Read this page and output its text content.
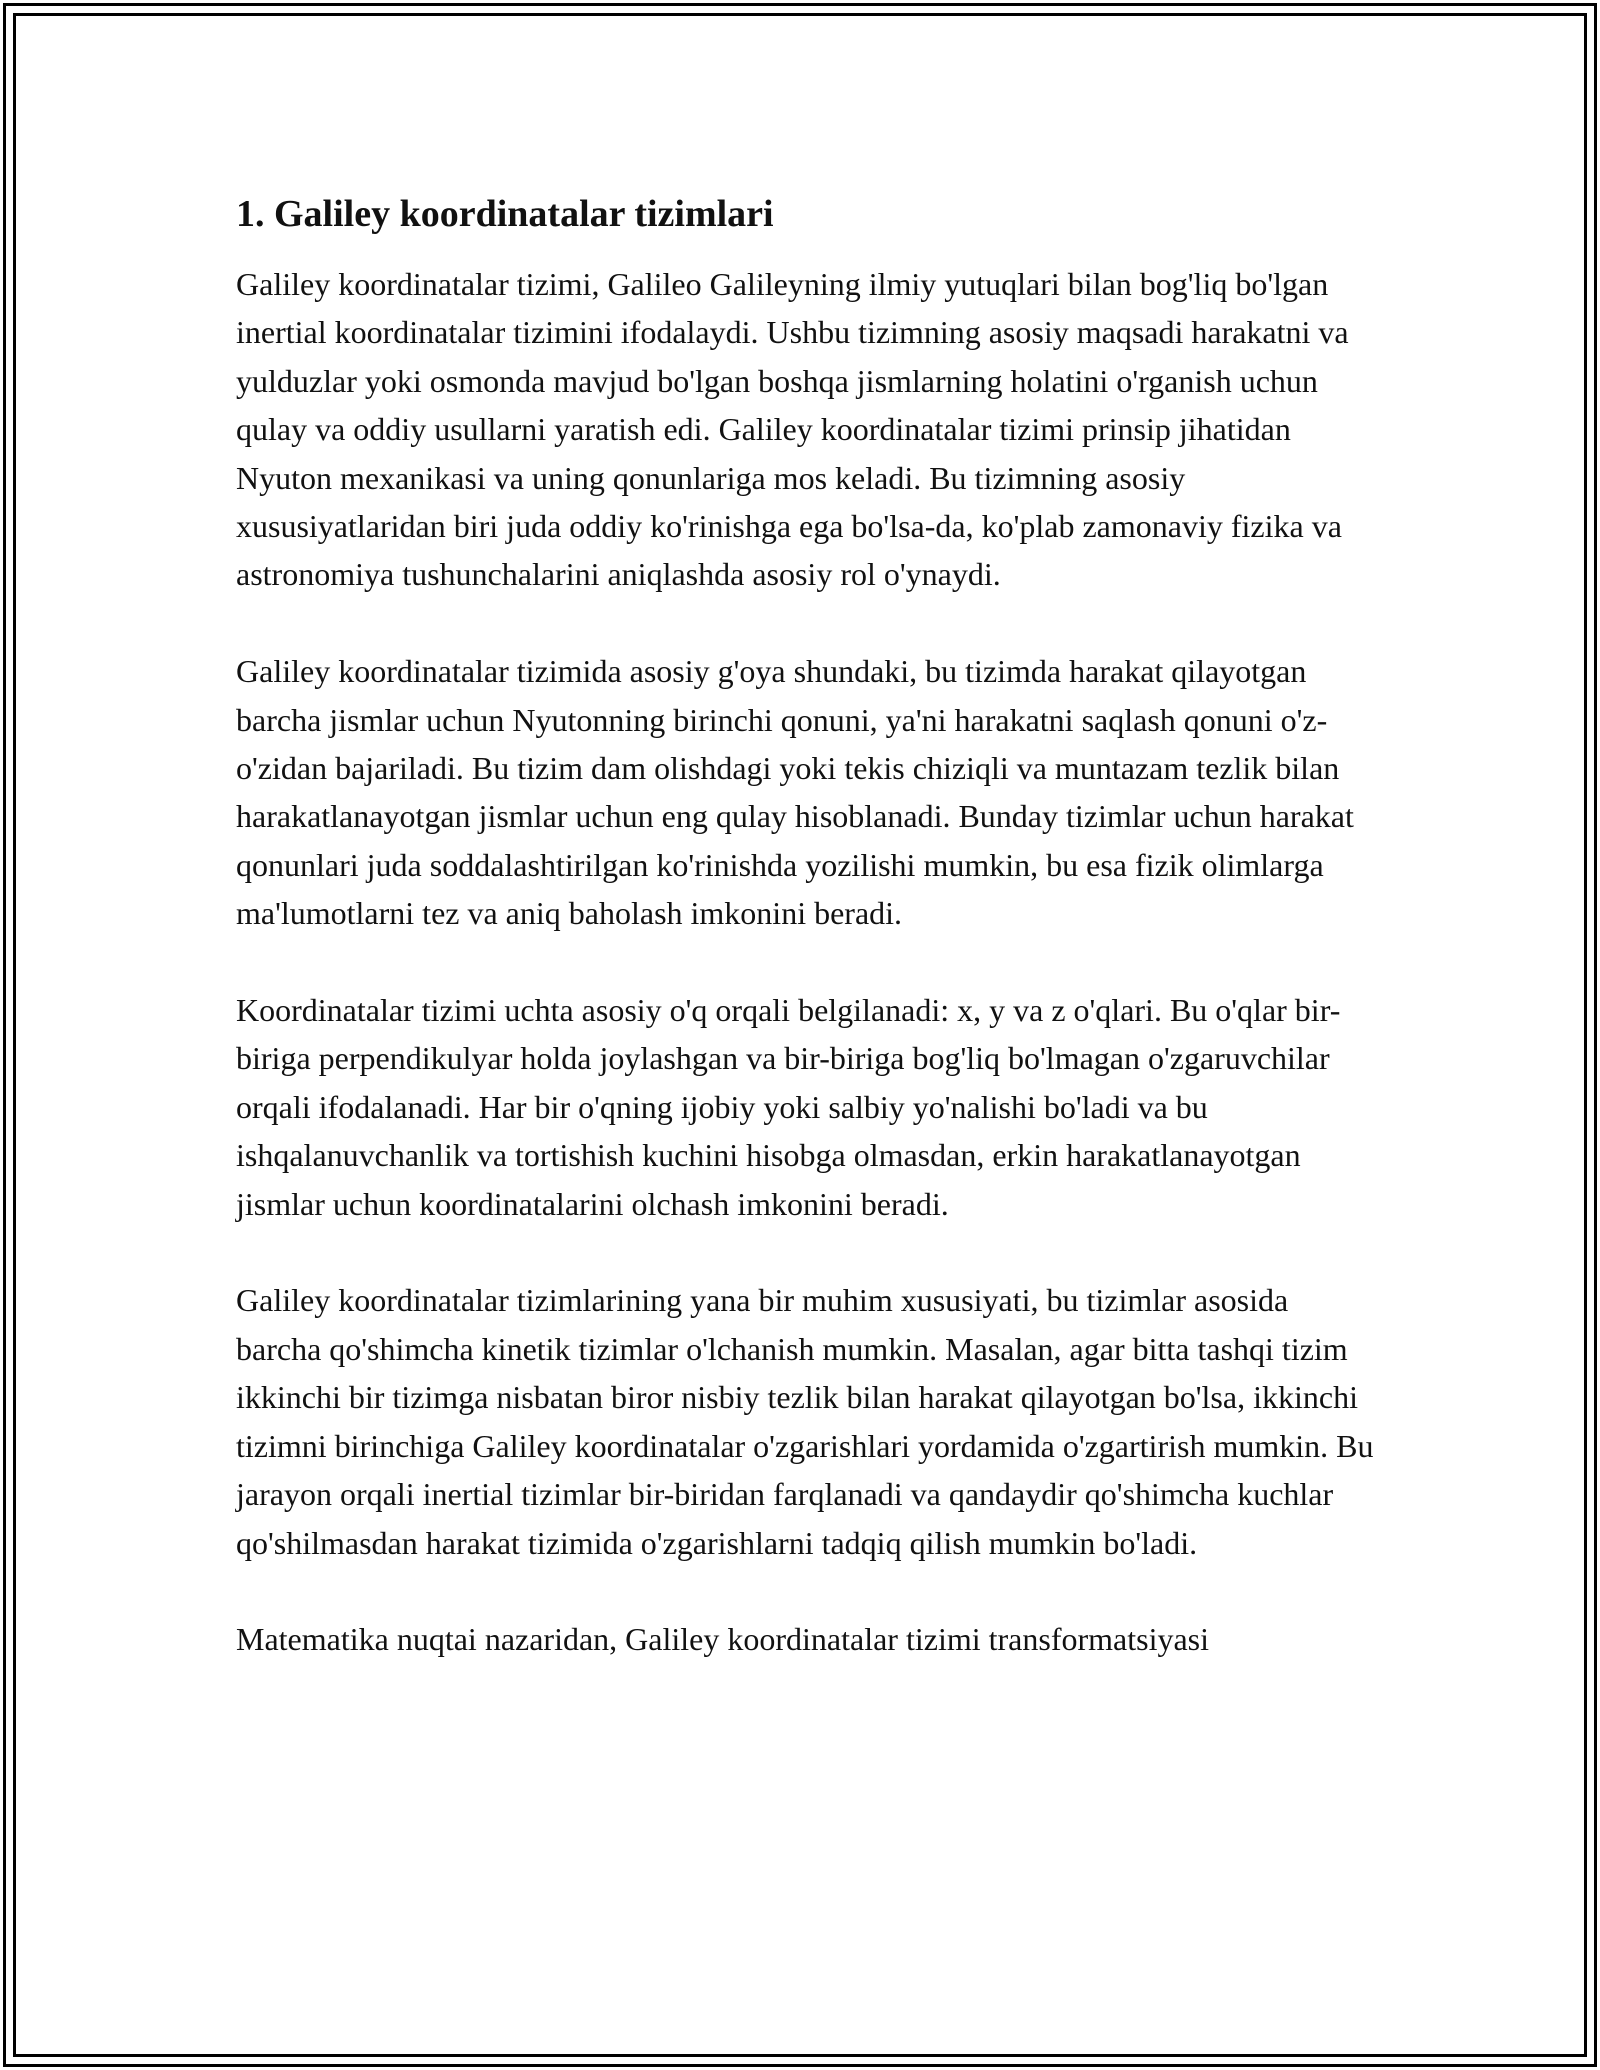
1. Galiley koordinatalar tizimlari

Galiley koordinatalar tizimi, Galileo Galileyning ilmiy yutuqlari bilan bog'liq bo'lgan inertial koordinatalar tizimini ifodalaydi. Ushbu tizimning asosiy maqsadi harakatni va yulduzlar yoki osmonda mavjud bo'lgan boshqa jismlarning holatini o'rganish uchun qulay va oddiy usullarni yaratish edi. Galiley koordinatalar tizimi prinsip jihatidan Nyuton mexanikasi va uning qonunlariga mos keladi. Bu tizimning asosiy xususiyatlaridan biri juda oddiy ko'rinishga ega bo'lsa-da, ko'plab zamonaviy fizika va astronomiya tushunchalarini aniqlashda asosiy rol o'ynaydi.

Galiley koordinatalar tizimida asosiy g'oya shundaki, bu tizimda harakat qilayotgan barcha jismlar uchun Nyutonning birinchi qonuni, ya'ni harakatni saqlash qonuni o'z-o'zidan bajariladi. Bu tizim dam olishdagi yoki tekis chiziqli va muntazam tezlik bilan harakatlanayotgan jismlar uchun eng qulay hisoblanadi. Bunday tizimlar uchun harakat qonunlari juda soddalashtirilgan ko'rinishda yozilishi mumkin, bu esa fizik olimlarga ma'lumotlarni tez va aniq baholash imkonini beradi.

Koordinatalar tizimi uchta asosiy o'q orqali belgilanadi: x, y va z o'qlari. Bu o'qlar bir-biriga perpendikulyar holda joylashgan va bir-biriga bog'liq bo'lmagan o'zgaruvchilar orqali ifodalanadi. Har bir o'qning ijobiy yoki salbiy yo'nalishi bo'ladi va bu ishqalanuvchanlik va tortishish kuchini hisobga olmasdan, erkin harakatlanayotgan jismlar uchun koordinatalarini olchash imkonini beradi.

Galiley koordinatalar tizimlarining yana bir muhim xususiyati, bu tizimlar asosida barcha qo'shimcha kinetik tizimlar o'lchanish mumkin. Masalan, agar bitta tashqi tizim ikkinchi bir tizimga nisbatan biror nisbiy tezlik bilan harakat qilayotgan bo'lsa, ikkinchi tizimni birinchiga Galiley koordinatalar o'zgarishlari yordamida o'zgartirish mumkin. Bu jarayon orqali inertial tizimlar bir-biridan farqlanadi va qandaydir qo'shimcha kuchlar qo'shilmasdan harakat tizimida o'zgarishlarni tadqiq qilish mumkin bo'ladi.

Matematika nuqtai nazaridan, Galiley koordinatalar tizimi transformatsiyasi
